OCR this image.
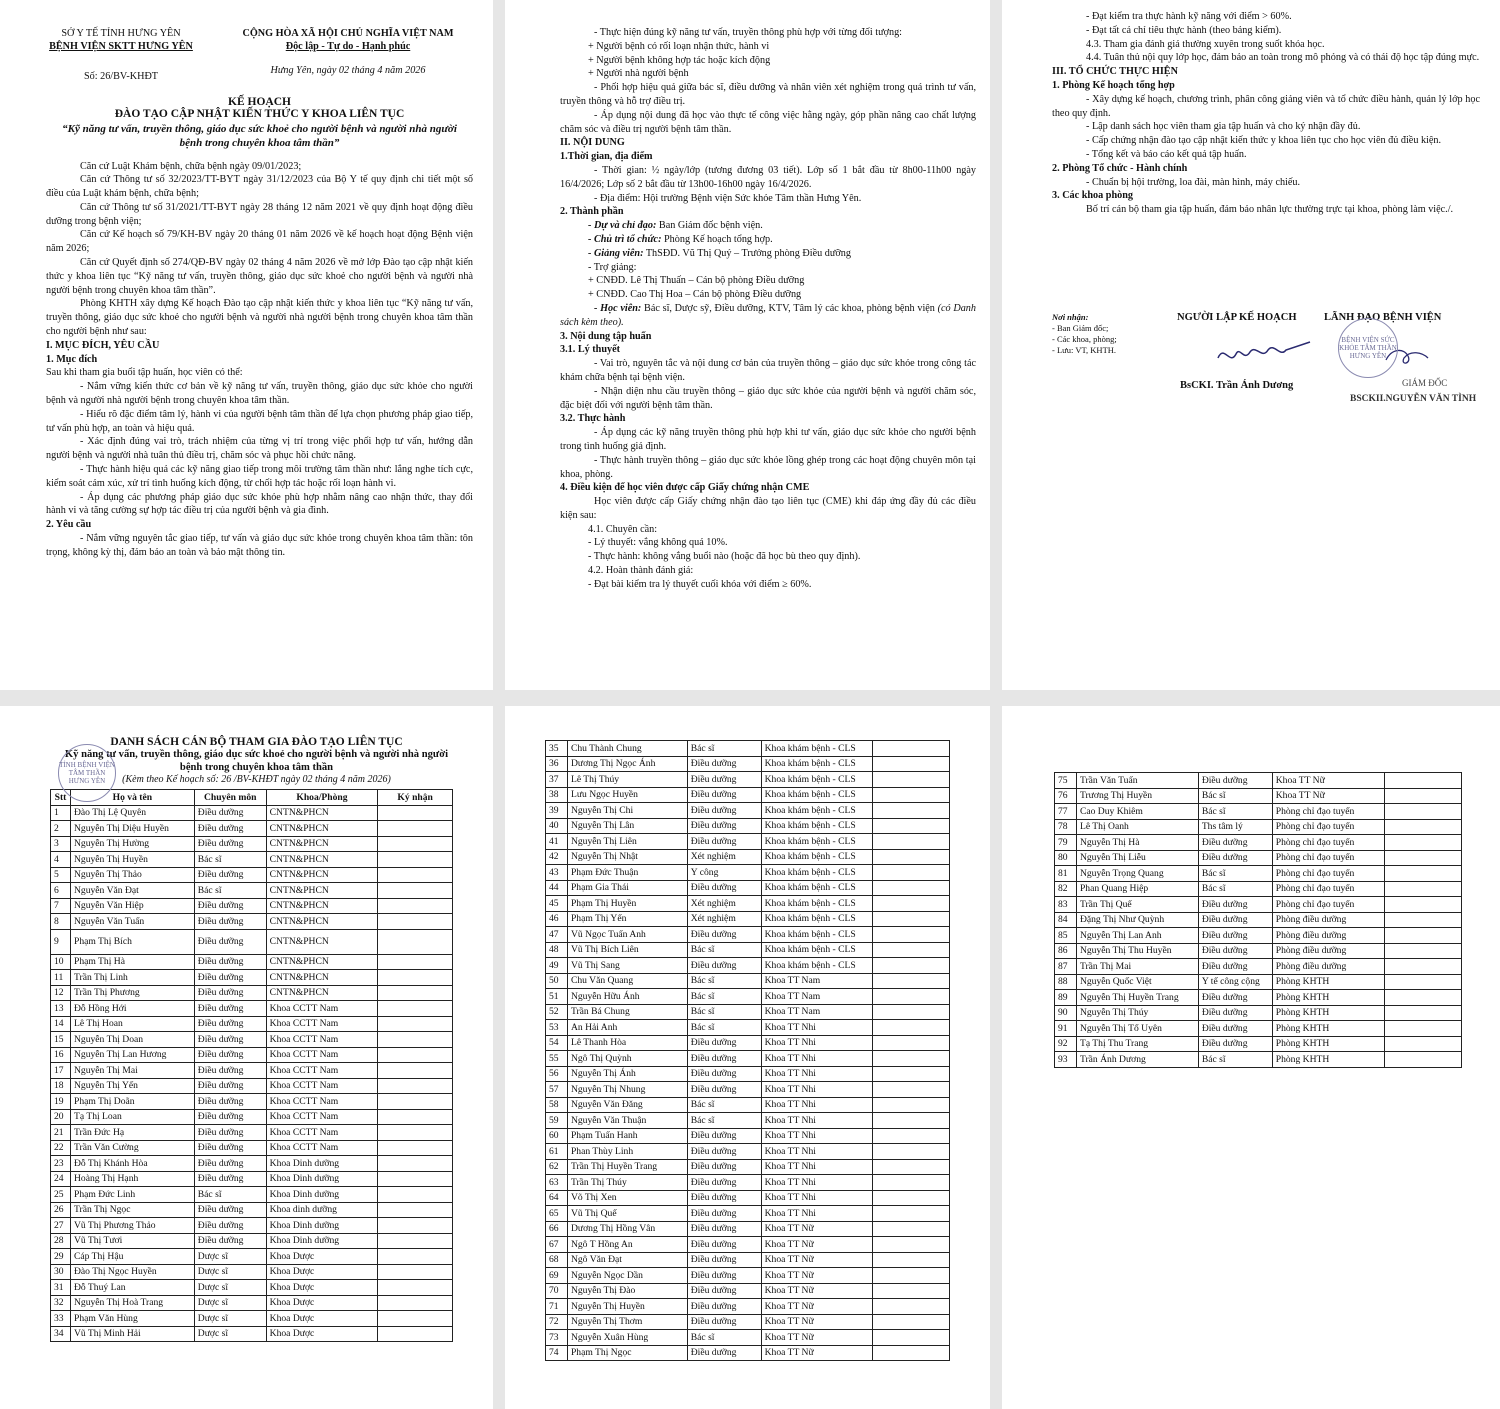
SỞ Y TẾ TỈNH HƯNG YÊN
BỆNH VIỆN SKTT HƯNG YÊN
Số: 26/BV-KHĐT
CỘNG HÒA XÃ HỘI CHỦ NGHĨA VIỆT NAM
Độc lập - Tự do - Hạnh phúc
Hưng Yên, ngày 02 tháng 4 năm 2026
KẾ HOẠCH
ĐÀO TẠO CẬP NHẬT KIẾN THỨC Y KHOA LIÊN TỤC
“Kỹ năng tư vấn, truyền thông, giáo dục sức khoẻ cho người bệnh và người nhà người bệnh trong chuyên khoa tâm thần”

Căn cứ Luật Khám bệnh, chữa bệnh ngày 09/01/2023;

Căn cứ Thông tư số 32/2023/TT-BYT ngày 31/12/2023 của Bộ Y tế quy định chi tiết một số điều của Luật khám bệnh, chữa bệnh;

Căn cứ Thông tư số 31/2021/TT-BYT ngày 28 tháng 12 năm 2021 về quy định hoạt động điều dưỡng trong bệnh viện;

Căn cứ Kế hoạch số 79/KH-BV ngày 20 tháng 01 năm 2026 về kế hoạch hoạt động Bệnh viện năm 2026;

Căn cứ Quyết định số 274/QĐ-BV ngày 02 tháng 4 năm 2026 về mở lớp Đào tạo cập nhật kiến thức y khoa liên tục “Kỹ năng tư vấn, truyền thông, giáo dục sức khoẻ cho người bệnh và người nhà người bệnh trong chuyên khoa tâm thần”.

Phòng KHTH xây dựng Kế hoạch Đào tạo cập nhật kiến thức y khoa liên tục “Kỹ năng tư vấn, truyền thông, giáo dục sức khoẻ cho người bệnh và người nhà người bệnh trong chuyên khoa tâm thần cho người bệnh như sau:

I. MỤC ĐÍCH, YÊU CẦU

1. Mục đích

Sau khi tham gia buổi tập huấn, học viên có thể:

- Nắm vững kiến thức cơ bản về kỹ năng tư vấn, truyền thông, giáo dục sức khỏe cho người bệnh và người nhà người bệnh trong chuyên khoa tâm thần.

- Hiểu rõ đặc điểm tâm lý, hành vi của người bệnh tâm thần để lựa chọn phương pháp giao tiếp, tư vấn phù hợp, an toàn và hiệu quả.

- Xác định đúng vai trò, trách nhiệm của từng vị trí trong việc phối hợp tư vấn, hướng dẫn người bệnh và người nhà tuân thủ điều trị, chăm sóc và phục hồi chức năng.

- Thực hành hiệu quả các kỹ năng giao tiếp trong môi trường tâm thần như: lắng nghe tích cực, kiểm soát cảm xúc, xử trí tình huống kích động, từ chối hợp tác hoặc rối loạn hành vi.

- Áp dụng các phương pháp giáo dục sức khỏe phù hợp nhằm nâng cao nhận thức, thay đổi hành vi và tăng cường sự hợp tác điều trị của người bệnh và gia đình.

2. Yêu cầu

- Nắm vững nguyên tắc giao tiếp, tư vấn và giáo dục sức khỏe trong chuyên khoa tâm thần: tôn trọng, không kỳ thị, đảm bảo an toàn và bảo mật thông tin.

- Thực hiện đúng kỹ năng tư vấn, truyền thông phù hợp với từng đối tượng:

+ Người bệnh có rối loạn nhận thức, hành vi

+ Người bệnh không hợp tác hoặc kích động

+ Người nhà người bệnh

- Phối hợp hiệu quả giữa bác sĩ, điều dưỡng và nhân viên xét nghiệm trong quá trình tư vấn, truyền thông và hỗ trợ điều trị.

- Áp dụng nội dung đã học vào thực tế công việc hằng ngày, góp phần nâng cao chất lượng chăm sóc và điều trị người bệnh tâm thần.

II. NỘI DUNG

1.Thời gian, địa điểm

- Thời gian: ½ ngày/lớp (tương đương 03 tiết). Lớp số 1 bắt đầu từ 8h00-11h00 ngày 16/4/2026; Lớp số 2 bắt đầu từ 13h00-16h00 ngày 16/4/2026.

- Địa điểm: Hội trường Bệnh viện Sức khỏe Tâm thần Hưng Yên.

2. Thành phần

- Dự và chỉ đạo: Ban Giám đốc bệnh viện.

- Chủ trì tổ chức: Phòng Kế hoạch tổng hợp.

- Giảng viên: ThSĐD. Vũ Thị Quý – Trưởng phòng Điều dưỡng

- Trợ giảng:

+ CNĐD. Lê Thị Thuấn – Cán bộ phòng Điều dưỡng

+ CNĐD. Cao Thị Hoa – Cán bộ phòng Điều dưỡng

- Học viên: Bác sĩ, Dược sỹ, Điều dưỡng, KTV, Tâm lý các khoa, phòng bệnh viện (có Danh sách kèm theo).

3. Nội dung tập huấn

3.1. Lý thuyết

- Vai trò, nguyên tắc và nội dung cơ bản của truyền thông – giáo dục sức khỏe trong công tác khám chữa bệnh tại bệnh viện.

- Nhận diện nhu cầu truyền thông – giáo dục sức khỏe của người bệnh và người chăm sóc, đặc biệt đối với người bệnh tâm thần.

3.2. Thực hành

- Áp dụng các kỹ năng truyền thông phù hợp khi tư vấn, giáo dục sức khỏe cho người bệnh trong tình huống giả định.

- Thực hành truyền thông – giáo dục sức khỏe lồng ghép trong các hoạt động chuyên môn tại khoa, phòng.

4. Điều kiện để học viên được cấp Giấy chứng nhận CME

Học viên được cấp Giấy chứng nhận đào tạo liên tục (CME) khi đáp ứng đầy đủ các điều kiện sau:

4.1. Chuyên cần:

- Lý thuyết: vắng không quá 10%.

- Thực hành: không vắng buổi nào (hoặc đã học bù theo quy định).

4.2. Hoàn thành đánh giá:

- Đạt bài kiểm tra lý thuyết cuối khóa với điểm ≥ 60%.

- Đạt kiểm tra thực hành kỹ năng với điểm > 60%.

- Đạt tất cả chỉ tiêu thực hành (theo bảng kiểm).

4.3. Tham gia đánh giá thường xuyên trong suốt khóa học.

4.4. Tuân thủ nội quy lớp học, đảm bảo an toàn trong mô phỏng và có thái độ học tập đúng mực.

III. TỔ CHỨC THỰC HIỆN

1. Phòng Kế hoạch tổng hợp

- Xây dựng kế hoạch, chương trình, phân công giảng viên và tổ chức điều hành, quản lý lớp học theo quy định.

- Lập danh sách học viên tham gia tập huấn và cho ký nhận đầy đủ.

- Cấp chứng nhận đào tạo cập nhật kiến thức y khoa liên tục cho học viên đủ điều kiện.

- Tổng kết và báo cáo kết quả tập huấn.

2. Phòng Tổ chức - Hành chính

- Chuẩn bị hội trường, loa đài, màn hình, máy chiếu.

3. Các khoa phòng

Bố trí cán bộ tham gia tập huấn, đảm bảo nhân lực thường trực tại khoa, phòng làm việc./.

Nơi nhận:
- Ban Giám đốc;
- Các khoa, phòng;
- Lưu: VT, KHTH.
NGƯỜI LẬP KẾ HOẠCH	LÃNH ĐẠO BỆNH VIỆN
BỆNH VIỆN SỨC KHỎE TÂM THẦN HƯNG YÊN
BsCKI. Trần Ánh Dương	GIÁM ĐỐC
BSCKII.NGUYỄN VĂN TÌNH
DANH SÁCH CÁN BỘ THAM GIA ĐÀO TẠO LIÊN TỤC
Kỹ năng tư vấn, truyền thông, giáo dục sức khoẻ cho người bệnh và người nhà người bệnh trong chuyên khoa tâm thần
(Kèm theo Kế hoạch số: 26 /BV-KHĐT ngày 02 tháng 4 năm 2026)
TỈNH BỆNH VIỆN TÂM THẦN HƯNG YÊN
Stt	Họ và tên	Chuyên môn	Khoa/Phòng	Ký nhận
1	Đào Thị Lệ Quyên	Điều dưỡng	CNTN&PHCN	
2	Nguyễn Thị Diệu Huyền	Điều dưỡng	CNTN&PHCN	
3	Nguyễn Thị Hường	Điều dưỡng	CNTN&PHCN	
4	Nguyễn Thị Huyền	Bác sĩ	CNTN&PHCN	
5	Nguyễn Thị Thảo	Điều dưỡng	CNTN&PHCN	
6	Nguyễn Văn Đạt	Bác sĩ	CNTN&PHCN	
7	Nguyễn Văn Hiệp	Điều dưỡng	CNTN&PHCN	
8	Nguyễn Văn Tuấn	Điều dưỡng	CNTN&PHCN	
9	Phạm Thị Bích	Điều dưỡng	CNTN&PHCN	
10	Phạm Thị Hà	Điều dưỡng	CNTN&PHCN	
11	Trần Thị Linh	Điều dưỡng	CNTN&PHCN	
12	Trần Thị Phương	Điều dưỡng	CNTN&PHCN	
13	Đỗ Hồng Hới	Điều dưỡng	Khoa CCTT Nam	
14	Lê Thị Hoan	Điều dưỡng	Khoa CCTT Nam	
15	Nguyễn Thị Doan	Điều dưỡng	Khoa CCTT Nam	
16	Nguyễn Thị Lan Hương	Điều dưỡng	Khoa CCTT Nam	
17	Nguyễn Thị Mai	Điều dưỡng	Khoa CCTT Nam	
18	Nguyễn Thị Yến	Điều dưỡng	Khoa CCTT Nam	
19	Phạm Thị Doãn	Điều dưỡng	Khoa CCTT Nam	
20	Tạ Thị Loan	Điều dưỡng	Khoa CCTT Nam	
21	Trần Đức Hạ	Điều dưỡng	Khoa CCTT Nam	
22	Trần Văn Cường	Điều dưỡng	Khoa CCTT Nam	
23	Đỗ Thị Khánh Hòa	Điều dưỡng	Khoa Dinh dưỡng	
24	Hoàng Thị Hạnh	Điều dưỡng	Khoa Dinh dưỡng	
25	Phạm Đức Linh	Bác sĩ	Khoa Dinh dưỡng	
26	Trần Thị Ngọc	Điều dưỡng	Khoa dinh dưỡng	
27	Vũ Thị Phương Thảo	Điều dưỡng	Khoa Dinh dưỡng	
28	Vũ Thị Tươi	Điều dưỡng	Khoa Dinh dưỡng	
29	Cáp Thị Hậu	Dược sĩ	Khoa Dược	
30	Đào Thị Ngọc Huyền	Dược sĩ	Khoa Dược	
31	Đỗ Thuý Lan	Dược sĩ	Khoa Dược	
32	Nguyễn Thị Hoà Trang	Dược sĩ	Khoa Dược	
33	Phạm Văn Hùng	Dược sĩ	Khoa Dược	
34	Vũ Thị Minh Hải	Dược sĩ	Khoa Dược	
35	Chu Thành Chung	Bác sĩ	Khoa khám bệnh - CLS	
36	Dương Thị Ngọc Ánh	Điều dưỡng	Khoa khám bệnh - CLS	
37	Lê Thị Thúy	Điều dưỡng	Khoa khám bệnh - CLS	
38	Lưu Ngọc Huyền	Điều dưỡng	Khoa khám bệnh - CLS	
39	Nguyễn Thị Chi	Điều dưỡng	Khoa khám bệnh - CLS	
40	Nguyễn Thị Lân	Điều dưỡng	Khoa khám bệnh - CLS	
41	Nguyễn Thị Liên	Điều dưỡng	Khoa khám bệnh - CLS	
42	Nguyễn Thị Nhật	Xét nghiệm	Khoa khám bệnh - CLS	
43	Phạm Đức Thuận	Y công	Khoa khám bệnh - CLS	
44	Phạm Gia Thái	Điều dưỡng	Khoa khám bệnh - CLS	
45	Phạm Thị Huyền	Xét nghiệm	Khoa khám bệnh - CLS	
46	Phạm Thị Yến	Xét nghiệm	Khoa khám bệnh - CLS	
47	Vũ Ngọc Tuấn Anh	Điều dưỡng	Khoa khám bệnh - CLS	
48	Vũ Thị Bích Liên	Bác sĩ	Khoa khám bệnh - CLS	
49	Vũ Thị Sang	Điều dưỡng	Khoa khám bệnh - CLS	
50	Chu Văn Quang	Bác sĩ	Khoa TT Nam	
51	Nguyễn Hữu Ánh	Bác sĩ	Khoa TT Nam	
52	Trần Bá Chung	Bác sĩ	Khoa TT Nam	
53	An Hải Anh	Bác sĩ	Khoa TT Nhi	
54	Lê Thanh Hòa	Điều dưỡng	Khoa TT Nhi	
55	Ngô Thị Quỳnh	Điều dưỡng	Khoa TT Nhi	
56	Nguyễn Thị Ánh	Điều dưỡng	Khoa TT Nhi	
57	Nguyễn Thị Nhung	Điều dưỡng	Khoa TT Nhi	
58	Nguyễn Văn Đăng	Bác sĩ	Khoa TT Nhi	
59	Nguyễn Văn Thuận	Bác sĩ	Khoa TT Nhi	
60	Phạm Tuấn Hanh	Điều dưỡng	Khoa TT Nhi	
61	Phan Thùy Linh	Điều dưỡng	Khoa TT Nhi	
62	Trần Thị Huyền Trang	Điều dưỡng	Khoa TT Nhi	
63	Trần Thị Thúy	Điều dưỡng	Khoa TT Nhi	
64	Võ Thị Xen	Điều dưỡng	Khoa TT Nhi	
65	Vũ Thị Quế	Điều dưỡng	Khoa TT Nhi	
66	Dương Thị Hồng Vân	Điều dưỡng	Khoa TT Nữ	
67	Ngô T Hồng An	Điều dưỡng	Khoa TT Nữ	
68	Ngô Văn Đạt	Điều dưỡng	Khoa TT Nữ	
69	Nguyễn Ngọc Dần	Điều dưỡng	Khoa TT Nữ	
70	Nguyễn Thị Đào	Điều dưỡng	Khoa TT Nữ	
71	Nguyễn Thị Huyền	Điều dưỡng	Khoa TT Nữ	
72	Nguyễn Thị Thơm	Điều dưỡng	Khoa TT Nữ	
73	Nguyễn Xuân Hùng	Bác sĩ	Khoa TT Nữ	
74	Phạm Thị Ngọc	Điều dưỡng	Khoa TT Nữ	
75	Trần Văn Tuấn	Điều dưỡng	Khoa TT Nữ	
76	Trương Thị Huyền	Bác sĩ	Khoa TT Nữ	
77	Cao Duy Khiêm	Bác sĩ	Phòng chỉ đạo tuyến	
78	Lê Thị Oanh	Ths tâm lý	Phòng chỉ đạo tuyến	
79	Nguyễn Thị Hà	Điều dưỡng	Phòng chỉ đạo tuyến	
80	Nguyễn Thị Liễu	Điều dưỡng	Phòng chỉ đạo tuyến	
81	Nguyễn Trọng Quang	Bác sĩ	Phòng chỉ đạo tuyến	
82	Phan Quang Hiệp	Bác sĩ	Phòng chỉ đạo tuyến	
83	Trần Thị Quế	Điều dưỡng	Phòng chỉ đạo tuyến	
84	Đặng Thị Như Quỳnh	Điều dưỡng	Phòng điều dưỡng	
85	Nguyễn Thị Lan Anh	Điều dưỡng	Phòng điều dưỡng	
86	Nguyễn Thị Thu Huyền	Điều dưỡng	Phòng điều dưỡng	
87	Trần Thị Mai	Điều dưỡng	Phòng điều dưỡng	
88	Nguyễn Quốc Việt	Y tế công cộng	Phòng KHTH	
89	Nguyễn Thị Huyền Trang	Điều dưỡng	Phòng KHTH	
90	Nguyễn Thị Thúy	Điều dưỡng	Phòng KHTH	
91	Nguyễn Thị Tố Uyên	Điều dưỡng	Phòng KHTH	
92	Tạ Thị Thu Trang	Điều dưỡng	Phòng KHTH	
93	Trần Ánh Dương	Bác sĩ	Phòng KHTH	
